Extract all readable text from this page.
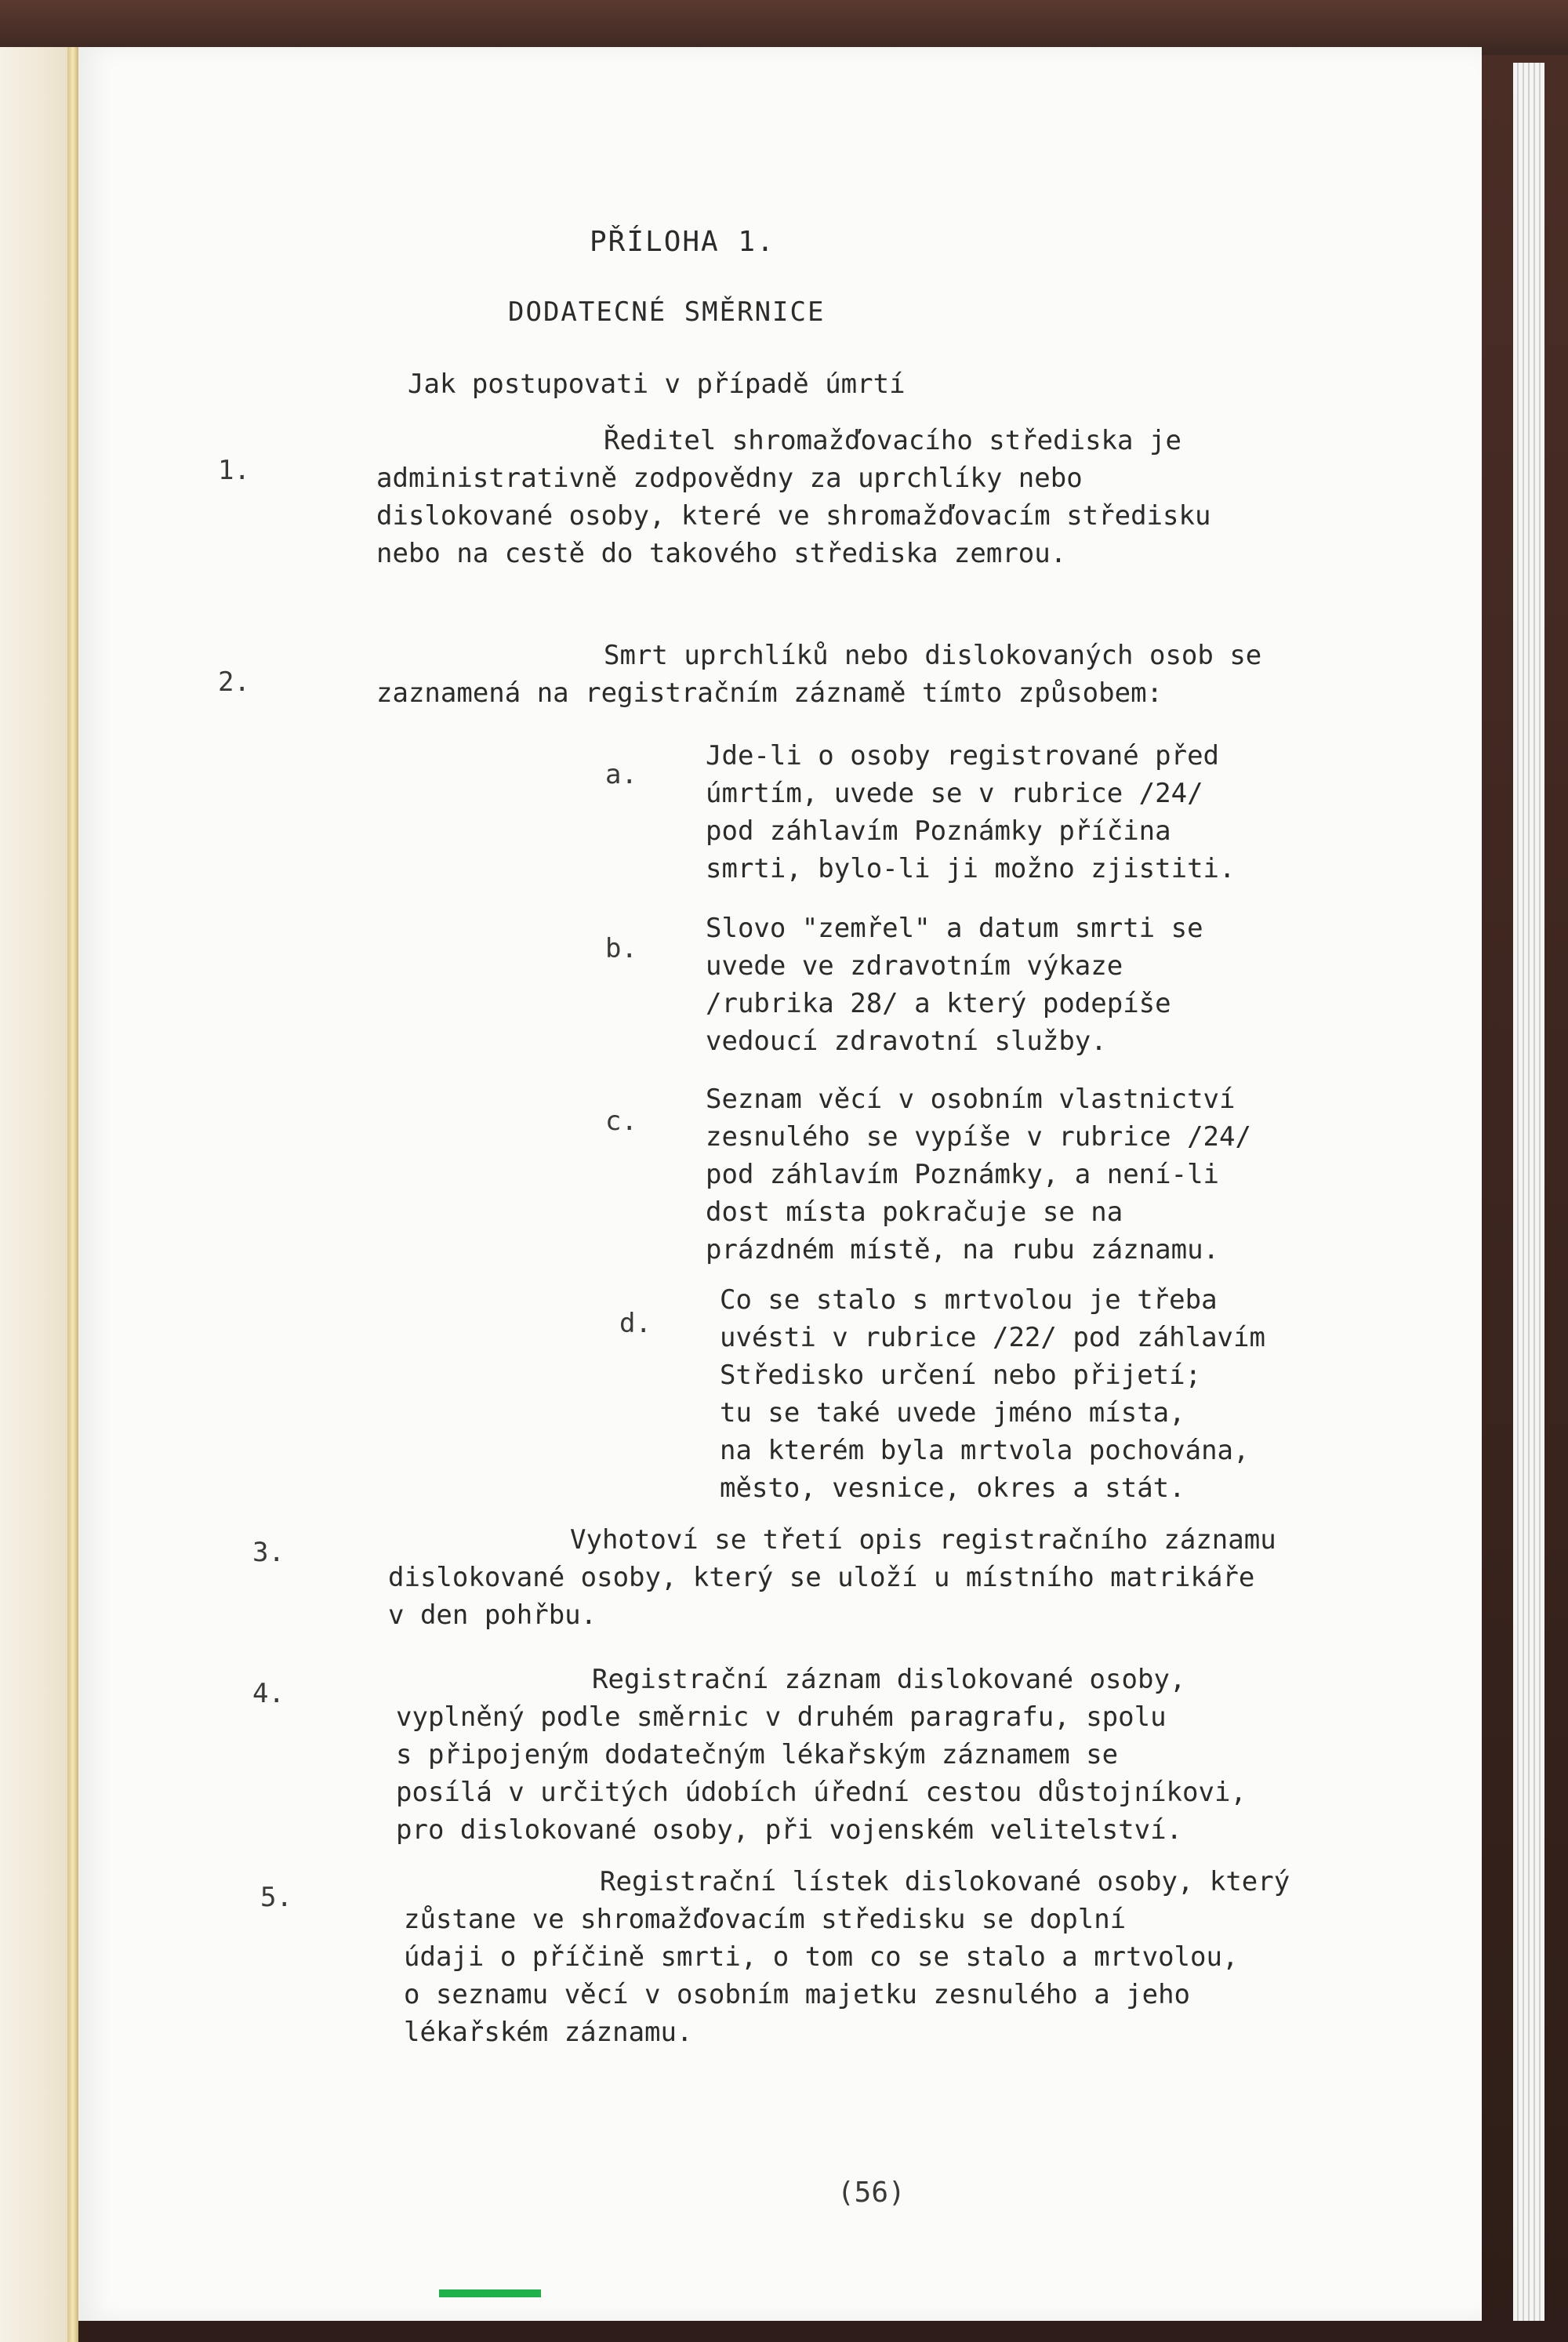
PŘÍLOHA 1.
DODATECNÉ SMĚRNICE
Jak postupovati v případě úmrtí
1.
Ředitel shromažďovacího střediska je
administrativně zodpovědny za uprchlíky nebo
dislokované osoby, které ve shromažďovacím středisku
nebo na cestě do takového střediska zemrou.
2.
Smrt uprchlíků nebo dislokovaných osob se
zaznamená na registračním záznamě tímto způsobem:
a.
Jde-li o osoby registrované před
úmrtím, uvede se v rubrice /24/
pod záhlavím Poznámky příčina
smrti, bylo-li ji možno zjistiti.
b.
Slovo "zemřel" a datum smrti se
uvede ve zdravotním výkaze
/rubrika 28/ a který podepíše
vedoucí zdravotní služby.
c.
Seznam věcí v osobním vlastnictví
zesnulého se vypíše v rubrice /24/
pod záhlavím Poznámky, a není-li
dost místa pokračuje se na
prázdném místě, na rubu záznamu.
d.
Co se stalo s mrtvolou je třeba
uvésti v rubrice /22/ pod záhlavím
Středisko určení nebo přijetí;
tu se také uvede jméno místa,
na kterém byla mrtvola pochována,
město, vesnice, okres a stát.
3.	Vyhotoví se třetí opis registračního záznamu
dislokované osoby, který se uloží u místního matrikáře
v den pohřbu.
4.	Registrační záznam dislokované osoby,
vyplněný podle směrnic v druhém paragrafu, spolu
s připojeným dodatečným lékařským záznamem se
posílá v určitých údobích úřední cestou důstojníkovi,
pro dislokované osoby, při vojenském velitelství.
5.	Registrační lístek dislokované osoby, který
zůstane ve shromažďovacím středisku se doplní
údaji o příčině smrti, o tom co se stalo a mrtvolou,
o seznamu věcí v osobním majetku zesnulého a jeho
lékařském záznamu.
(56)
